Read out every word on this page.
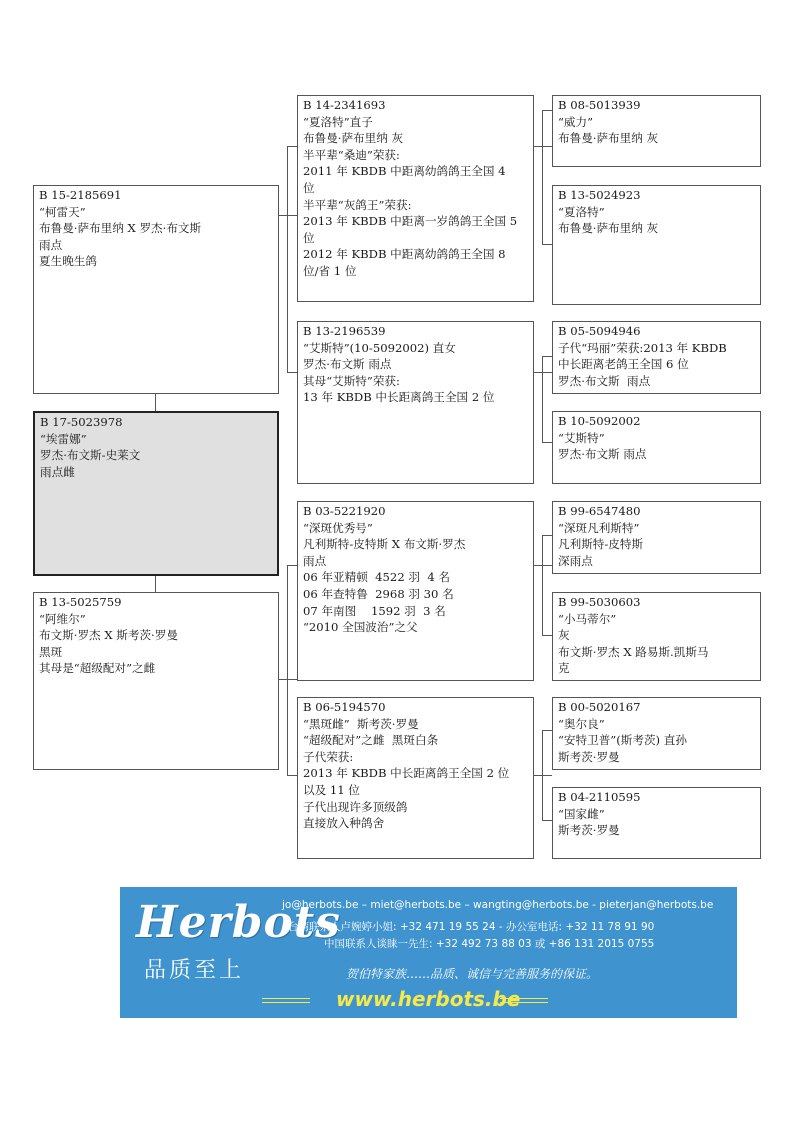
B 15-2185691
“柯雷天”
布鲁曼·萨布里纳 X 罗杰·布文斯
雨点
夏生晚生鸽
B 17-5023978
“埃雷娜”
罗杰·布文斯-史莱文
雨点雌
B 13-5025759
“阿维尔”
布文斯·罗杰 X 斯考茨·罗曼
黑斑
其母是“超级配对”之雌
B 14-2341693
“夏洛特”直子
布鲁曼·萨布里纳 灰
半平辈“桑迪”荣获:
2011 年 KBDB 中距离幼鸽鸽王全国 4
位
半平辈“灰鸽王”荣获:
2013 年 KBDB 中距离一岁鸽鸽王全国 5
位
2012 年 KBDB 中距离幼鸽鸽王全国 8
位/省 1 位
B 13-2196539
“艾斯特”(10-5092002) 直女
罗杰·布文斯 雨点
其母“艾斯特”荣获:
13 年 KBDB 中长距离鸽王全国 2 位
B 03-5221920
“深斑优秀号”
凡利斯特-皮特斯 X 布文斯·罗杰
雨点
06 年亚精顿  4522 羽  4 名
06 年查特鲁  2968 羽 30 名
07 年南图    1592 羽  3 名
“2010 全国波治”之父
B 06-5194570
“黑斑雌”  斯考茨·罗曼
“超级配对”之雌  黑斑白条
子代荣获:
2013 年 KBDB 中长距离鸽王全国 2 位
以及 11 位
子代出现许多顶级鸽
直接放入种鸽舍
B 08-5013939
“威力”
布鲁曼·萨布里纳 灰
B 13-5024923
“夏洛特”
布鲁曼·萨布里纳 灰
B 05-5094946
子代“玛丽”荣获:2013 年 KBDB
中长距离老鸽王全国 6 位
罗杰·布文斯  雨点
B 10-5092002
“艾斯特”
罗杰·布文斯 雨点
B 99-6547480
“深斑凡利斯特”
凡利斯特-皮特斯
深雨点
B 99-5030603
“小马蒂尔”
灰
布文斯·罗杰 X 路易斯.凯斯马
克
B 00-5020167
“奥尔良”
“安特卫普”(斯考茨) 直孙
斯考茨·罗曼
B 04-2110595
“国家雌”
斯考茨·罗曼
Herbots
品质至上
jo@herbots.be – miet@herbots.be – wangting@herbots.be - pieterjan@herbots.be
台湾联系人卢婉婷小姐: +32 471 19 55 24 - 办公室电话: +32 11 78 91 90
中国联系人谈睐一先生: +32 492 73 88 03 或 +86 131 2015 0755
贺伯特家族……品质、诚信与完善服务的保证。
www.herbots.be
